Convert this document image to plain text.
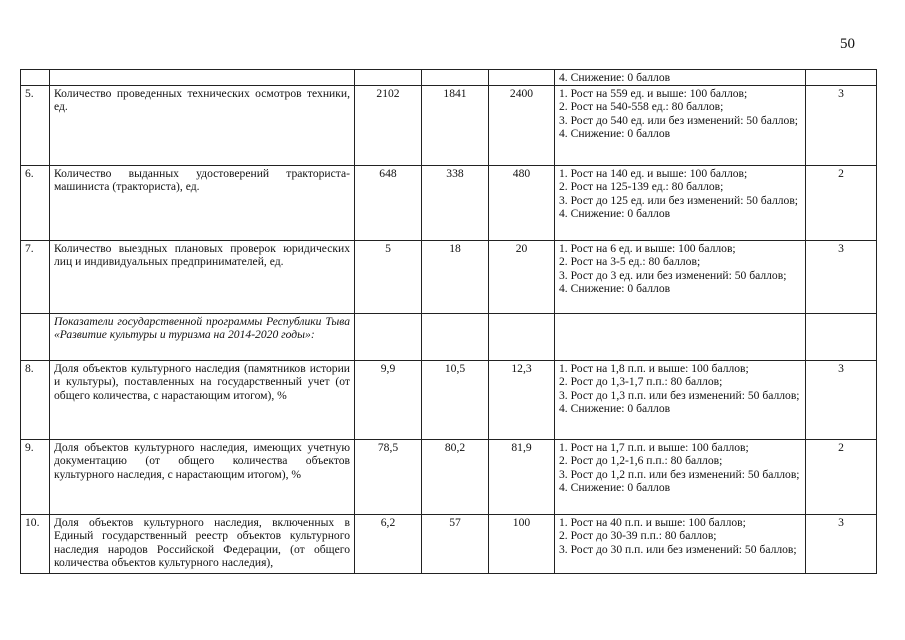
50

					4. Снижение: 0 баллов	

5.	Количество проведенных технических осмотров техники, ед.	2102	1841	2400	1. Рост на 559 ед. и выше: 100 баллов;
2. Рост на 540-558 ед.: 80 баллов;
3. Рост до 540 ед. или без изменений: 50 баллов;
4. Снижение: 0 баллов	3
6.	Количество выданных удостоверений тракториста-машиниста (тракториста), ед.	648	338	480	1. Рост на 140 ед. и выше: 100 баллов;
2. Рост на 125-139 ед.: 80 баллов;
3. Рост до 125 ед. или без изменений: 50 баллов;
4. Снижение: 0 баллов	2
7.	Количество выездных плановых проверок юридических лиц и индивидуальных предпринимателей, ед.	5	18	20	1. Рост на 6 ед. и выше: 100 баллов;
2. Рост на 3-5 ед.: 80 баллов;
3. Рост до 3 ед. или без изменений: 50 баллов;
4. Снижение: 0 баллов	3
	Показатели государственной программы Республики Тыва «Развитие культуры и туризма на 2014-2020 годы»:					
8.	Доля объектов культурного наследия (памятников истории и культуры), поставленных на государственный учет (от общего количества, с нарастающим итогом), %	9,9	10,5	12,3	1. Рост на 1,8 п.п. и выше: 100 баллов;
2. Рост до 1,3-1,7 п.п.: 80 баллов;
3. Рост до 1,3 п.п. или без изменений: 50 баллов;
4. Снижение: 0 баллов	3
9.	Доля объектов культурного наследия, имеющих учетную документацию (от общего количества объектов культурного наследия, с нарастающим итогом), %	78,5	80,2	81,9	1. Рост на 1,7 п.п. и выше: 100 баллов;
2. Рост до 1,2-1,6 п.п.: 80 баллов;
3. Рост до 1,2 п.п. или без изменений: 50 баллов;
4. Снижение: 0 баллов	2
10.	Доля объектов культурного наследия, включенных в Единый государственный реестр объектов культурного наследия народов Российской Федерации, (от общего количества объектов культурного наследия),	6,2	57	100	1. Рост на 40 п.п. и выше: 100 баллов;
2. Рост до 30-39 п.п.: 80 баллов;
3. Рост до 30 п.п. или без изменений: 50 баллов;	3
